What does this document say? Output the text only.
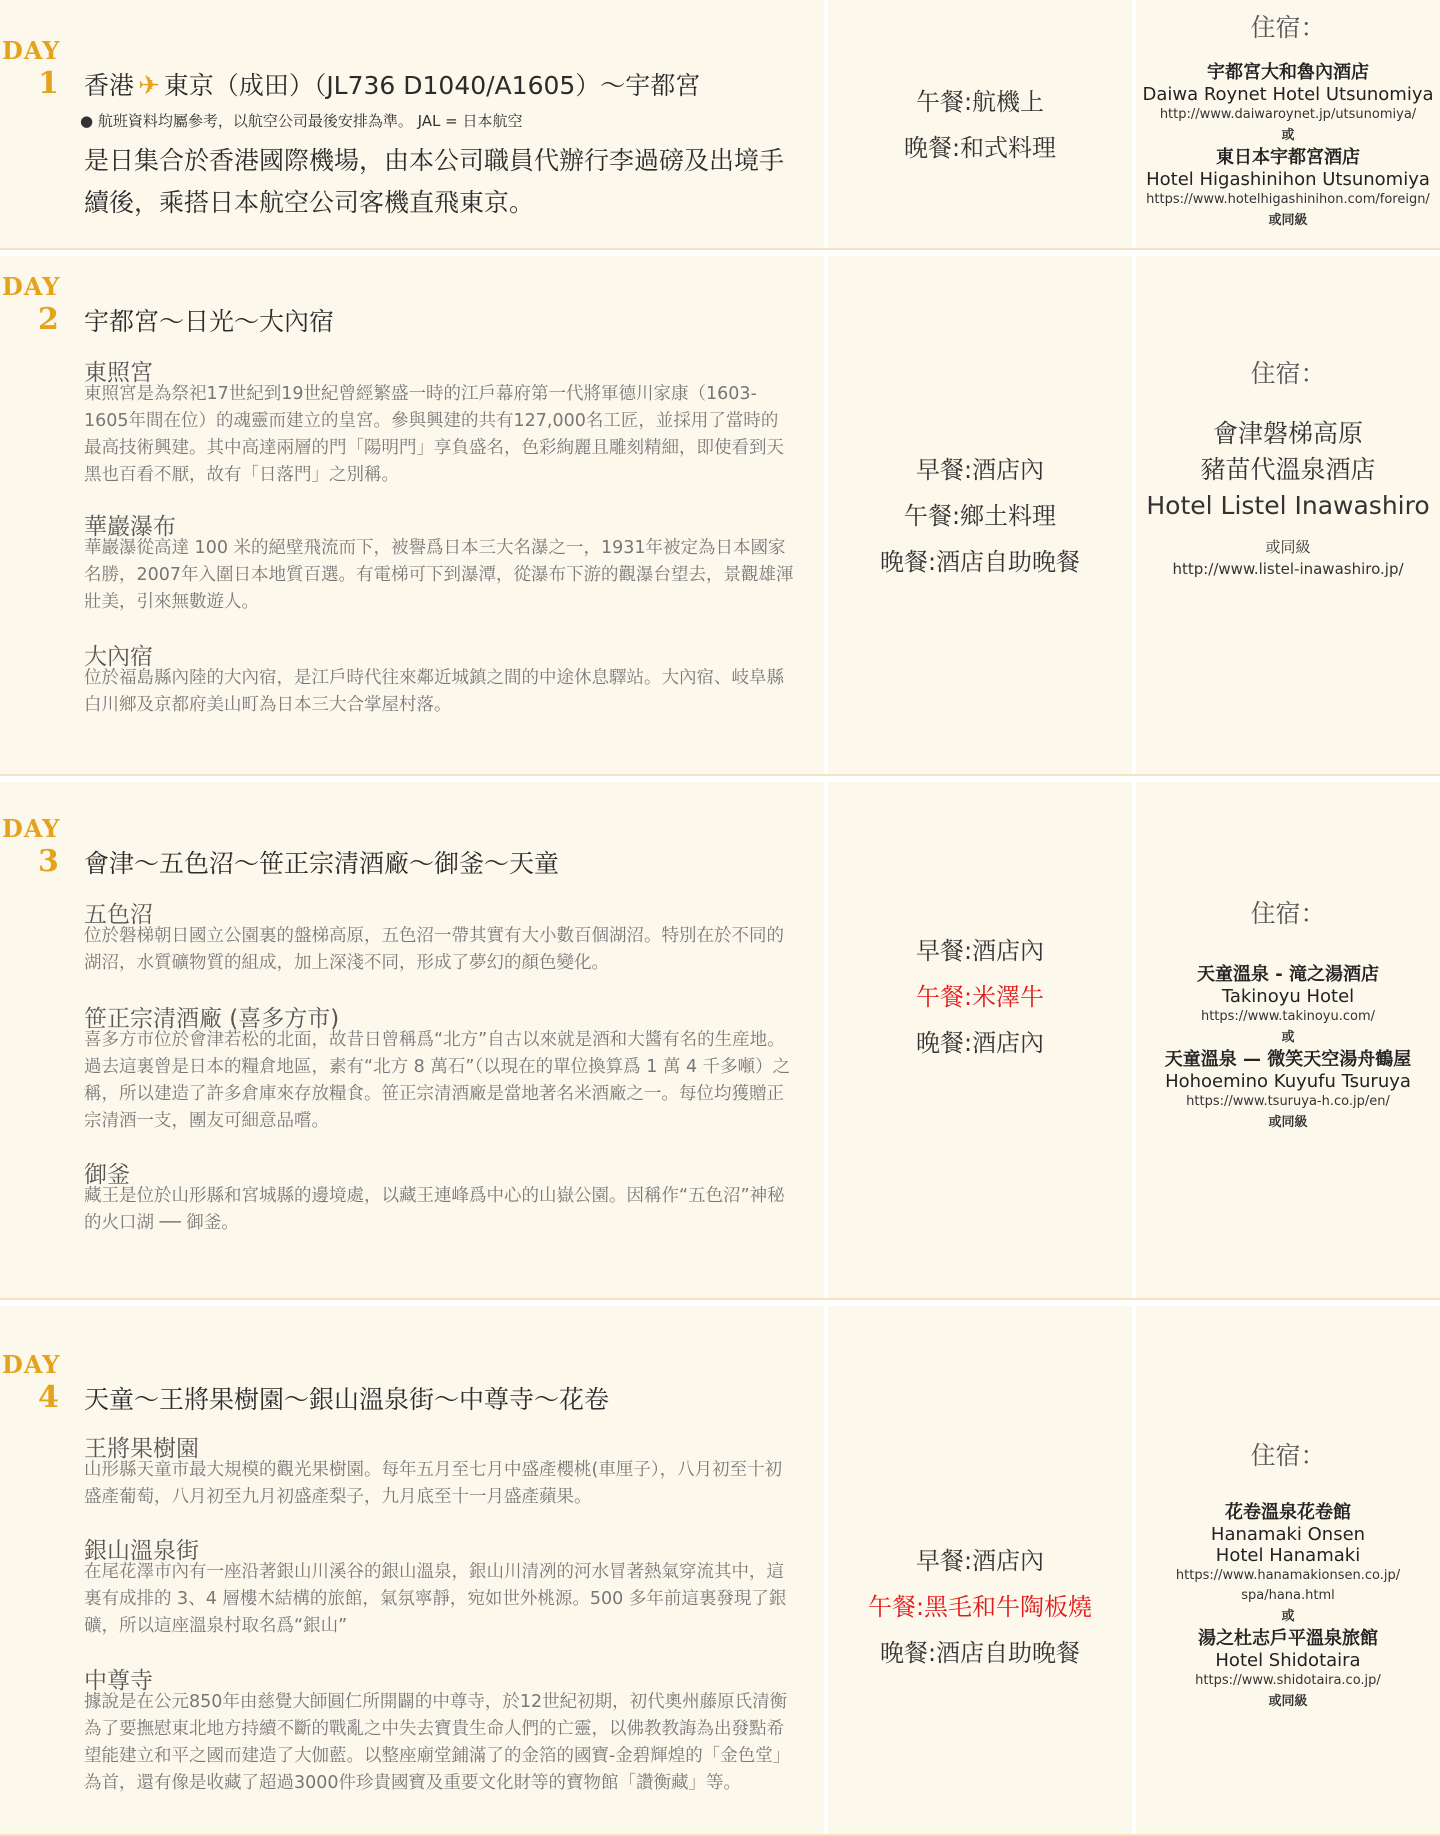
DAY
1 香港 ✈ 東京（成田）（JL736 D1040/A1605）～宇都宮
● 航班資料均屬參考，以航空公司最後安排為準。 JAL = 日本航空
是日集合於香港國際機場，由本公司職員代辦行李過磅及出境手續後，乘搭日本航空公司客機直飛東京。
午餐:航機上
晚餐:和式料理
住宿：
宇都宮大和魯內酒店
Daiwa Roynet Hotel Utsunomiya
http://www.daiwaroynet.jp/utsunomiya/
或
東日本宇都宮酒店
Hotel Higashinihon Utsunomiya
https://www.hotelhigashinihon.com/foreign/
或同級
DAY
2 宇都宮～日光～大內宿
東照宮
東照宮是為祭祀17世紀到19世紀曾經繁盛一時的江戶幕府第一代將軍德川家康（1603-1605年間在位）的魂靈而建立的皇宮。參與興建的共有127,000名工匠，並採用了當時的最高技術興建。其中高達兩層的門「陽明門」享負盛名，色彩絢麗且雕刻精細，即使看到天黑也百看不厭，故有「日落門」之別稱。
華巖瀑布
華巖瀑從高達 100 米的絕壁飛流而下，被譽爲日本三大名瀑之一，1931年被定為日本國家名勝，2007年入圍日本地質百選。有電梯可下到瀑潭，從瀑布下游的觀瀑台望去，景觀雄渾壯美，引來無數遊人。
大內宿
位於福島縣內陸的大內宿，是江戶時代往來鄰近城鎮之間的中途休息驛站。大內宿、岐阜縣白川鄉及京都府美山町為日本三大合掌屋村落。
早餐:酒店內
午餐:鄉土料理
晚餐:酒店自助晚餐
住宿：
會津磐梯高原
豬苗代溫泉酒店
Hotel Listel Inawashiro
或同級
http://www.listel-inawashiro.jp/
DAY
3 會津～五色沼～笹正宗清酒廠～御釜～天童
五色沼
位於磐梯朝日國立公園裏的盤梯高原，五色沼一帶其實有大小數百個湖沼。特別在於不同的湖沼，水質礦物質的組成，加上深淺不同，形成了夢幻的顏色變化。
笹正宗清酒廠 (喜多方市)
喜多方市位於會津若松的北面，故昔日曾稱爲“北方”自古以來就是酒和大醬有名的生産地。過去這裏曾是日本的糧倉地區，素有“北方 8 萬石”（以現在的單位換算爲 1 萬 4 千多噸）之稱，所以建造了許多倉庫來存放糧食。笹正宗清酒廠是當地著名米酒廠之一。每位均獲贈正宗清酒一支，團友可細意品嚐。
御釜
藏王是位於山形縣和宮城縣的邊境處，以藏王連峰爲中心的山嶽公園。因稱作“五色沼”神秘的火口湖 ── 御釜。
早餐:酒店內
午餐:米澤牛
晚餐:酒店內
住宿：
天童溫泉 - 滝之湯酒店
Takinoyu Hotel
https://www.takinoyu.com/
或
天童溫泉 — 微笑天空湯舟鶴屋
Hohoemino Kuyufu Tsuruya
https://www.tsuruya-h.co.jp/en/
或同級
DAY
4 天童～王將果樹園～銀山溫泉街～中尊寺～花卷
王將果樹園
山形縣天童市最大規模的觀光果樹園。每年五月至七月中盛產櫻桃(車厘子），八月初至十初盛產葡萄，八月初至九月初盛產梨子，九月底至十一月盛產蘋果。
銀山溫泉街
在尾花澤市內有一座沿著銀山川溪谷的銀山溫泉，銀山川清冽的河水冒著熱氣穿流其中，這裏有成排的 3、4 層樓木結構的旅館，氣氛寧靜，宛如世外桃源。500 多年前這裏發現了銀礦，所以這座溫泉村取名爲“銀山”
中尊寺
據說是在公元850年由慈覺大師圓仁所開闢的中尊寺，於12世紀初期，初代奧州藤原氏清衡為了要撫慰東北地方持續不斷的戰亂之中失去寶貴生命人們的亡靈，以佛教教誨為出發點希望能建立和平之國而建造了大伽藍。以整座廟堂鋪滿了的金箔的國寶-金碧輝煌的「金色堂」為首，還有像是收藏了超過3000件珍貴國寶及重要文化財等的寶物館「讚衡藏」等。
早餐:酒店內
午餐:黑毛和牛陶板燒
晚餐:酒店自助晚餐
住宿：
花卷溫泉花卷館
Hanamaki Onsen
Hotel Hanamaki
https://www.hanamakionsen.co.jp/
spa/hana.html
或
湯之杜志戶平溫泉旅館
Hotel Shidotaira
https://www.shidotaira.co.jp/
或同級
